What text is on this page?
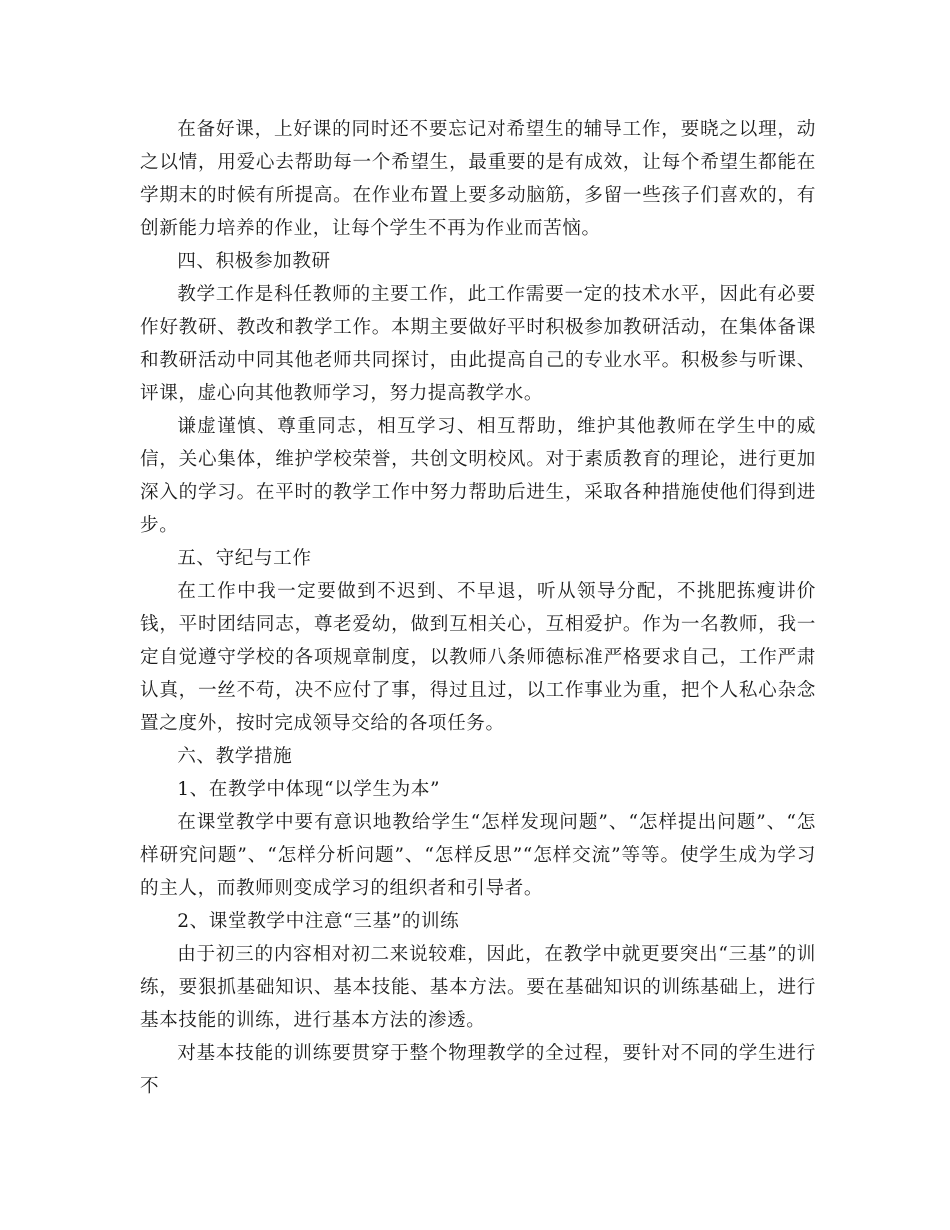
在备好课，上好课的同时还不要忘记对希望生的辅导工作，要晓之以理，动之以情，用爱心去帮助每一个希望生，最重要的是有成效，让每个希望生都能在学期末的时候有所提高。在作业布置上要多动脑筋，多留一些孩子们喜欢的，有创新能力培养的作业，让每个学生不再为作业而苦恼。

四、积极参加教研

教学工作是科任教师的主要工作，此工作需要一定的技术水平，因此有必要作好教研、教改和教学工作。本期主要做好平时积极参加教研活动，在集体备课和教研活动中同其他老师共同探讨，由此提高自己的专业水平。积极参与听课、评课，虚心向其他教师学习，努力提高教学水。

谦虚谨慎、尊重同志，相互学习、相互帮助，维护其他教师在学生中的威信，关心集体，维护学校荣誉，共创文明校风。对于素质教育的理论，进行更加深入的学习。在平时的教学工作中努力帮助后进生，采取各种措施使他们得到进步。

五、守纪与工作

在工作中我一定要做到不迟到、不早退，听从领导分配，不挑肥拣瘦讲价钱，平时团结同志，尊老爱幼，做到互相关心，互相爱护。作为一名教师，我一定自觉遵守学校的各项规章制度，以教师八条师德标准严格要求自己，工作严肃认真，一丝不苟，决不应付了事，得过且过，以工作事业为重，把个人私心杂念置之度外，按时完成领导交给的各项任务。

六、教学措施

1、在教学中体现“以学生为本”

在课堂教学中要有意识地教给学生“怎样发现问题”、“怎样提出问题”、“怎样研究问题”、“怎样分析问题”、“怎样反思”“怎样交流”等等。使学生成为学习的主人，而教师则变成学习的组织者和引导者。

2、课堂教学中注意“三基”的训练

由于初三的内容相对初二来说较难，因此，在教学中就更要突出“三基”的训练，要狠抓基础知识、基本技能、基本方法。要在基础知识的训练基础上，进行基本技能的训练，进行基本方法的渗透。

对基本技能的训练要贯穿于整个物理教学的全过程，要针对不同的学生进行不
